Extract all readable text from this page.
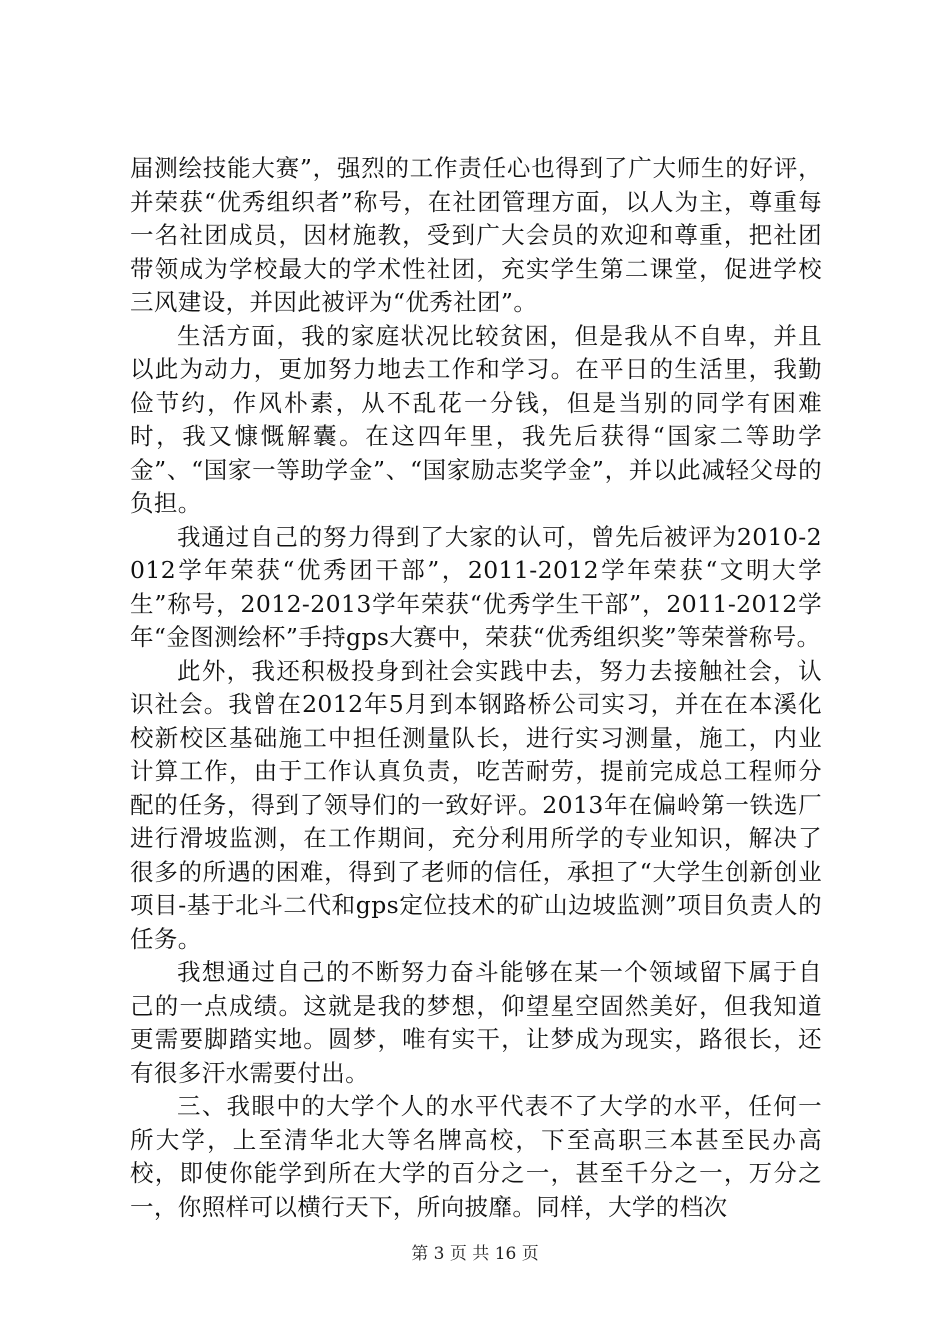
届测绘技能大赛”，强烈的工作责任心也得到了广大师生的好评，并荣获“优秀组织者”称号，在社团管理方面，以人为主，尊重每一名社团成员，因材施教，受到广大会员的欢迎和尊重，把社团带领成为学校最大的学术性社团，充实学生第二课堂，促进学校三风建设，并因此被评为“优秀社团”。

生活方面，我的家庭状况比较贫困，但是我从不自卑，并且以此为动力，更加努力地去工作和学习。在平日的生活里，我勤俭节约，作风朴素，从不乱花一分钱，但是当别的同学有困难时，我又慷慨解囊。在这四年里，我先后获得“国家二等助学金”、“国家一等助学金”、“国家励志奖学金”，并以此减轻父母的负担。

我通过自己的努力得到了大家的认可，曾先后被评为2010-2012学年荣获“优秀团干部”，2011-2012学年荣获“文明大学生”称号，2012-2013学年荣获“优秀学生干部”，2011-2012学年“金图测绘杯”手持gps大赛中，荣获“优秀组织奖”等荣誉称号。

此外，我还积极投身到社会实践中去，努力去接触社会，认识社会。我曾在2012年5月到本钢路桥公司实习，并在在本溪化校新校区基础施工中担任测量队长，进行实习测量，施工，内业计算工作，由于工作认真负责，吃苦耐劳，提前完成总工程师分配的任务，得到了领导们的一致好评。2013年在偏岭第一铁选厂进行滑坡监测，在工作期间，充分利用所学的专业知识，解决了很多的所遇的困难，得到了老师的信任，承担了“大学生创新创业项目-基于北斗二代和gps定位技术的矿山边坡监测”项目负责人的任务。

我想通过自己的不断努力奋斗能够在某一个领域留下属于自己的一点成绩。这就是我的梦想，仰望星空固然美好，但我知道更需要脚踏实地。圆梦，唯有实干，让梦成为现实，路很长，还有很多汗水需要付出。

三、我眼中的大学个人的水平代表不了大学的水平，任何一所大学，上至清华北大等名牌高校，下至高职三本甚至民办高校，即使你能学到所在大学的百分之一，甚至千分之一，万分之一，你照样可以横行天下，所向披靡。同样，大学的档次

第 3 页 共 16 页
